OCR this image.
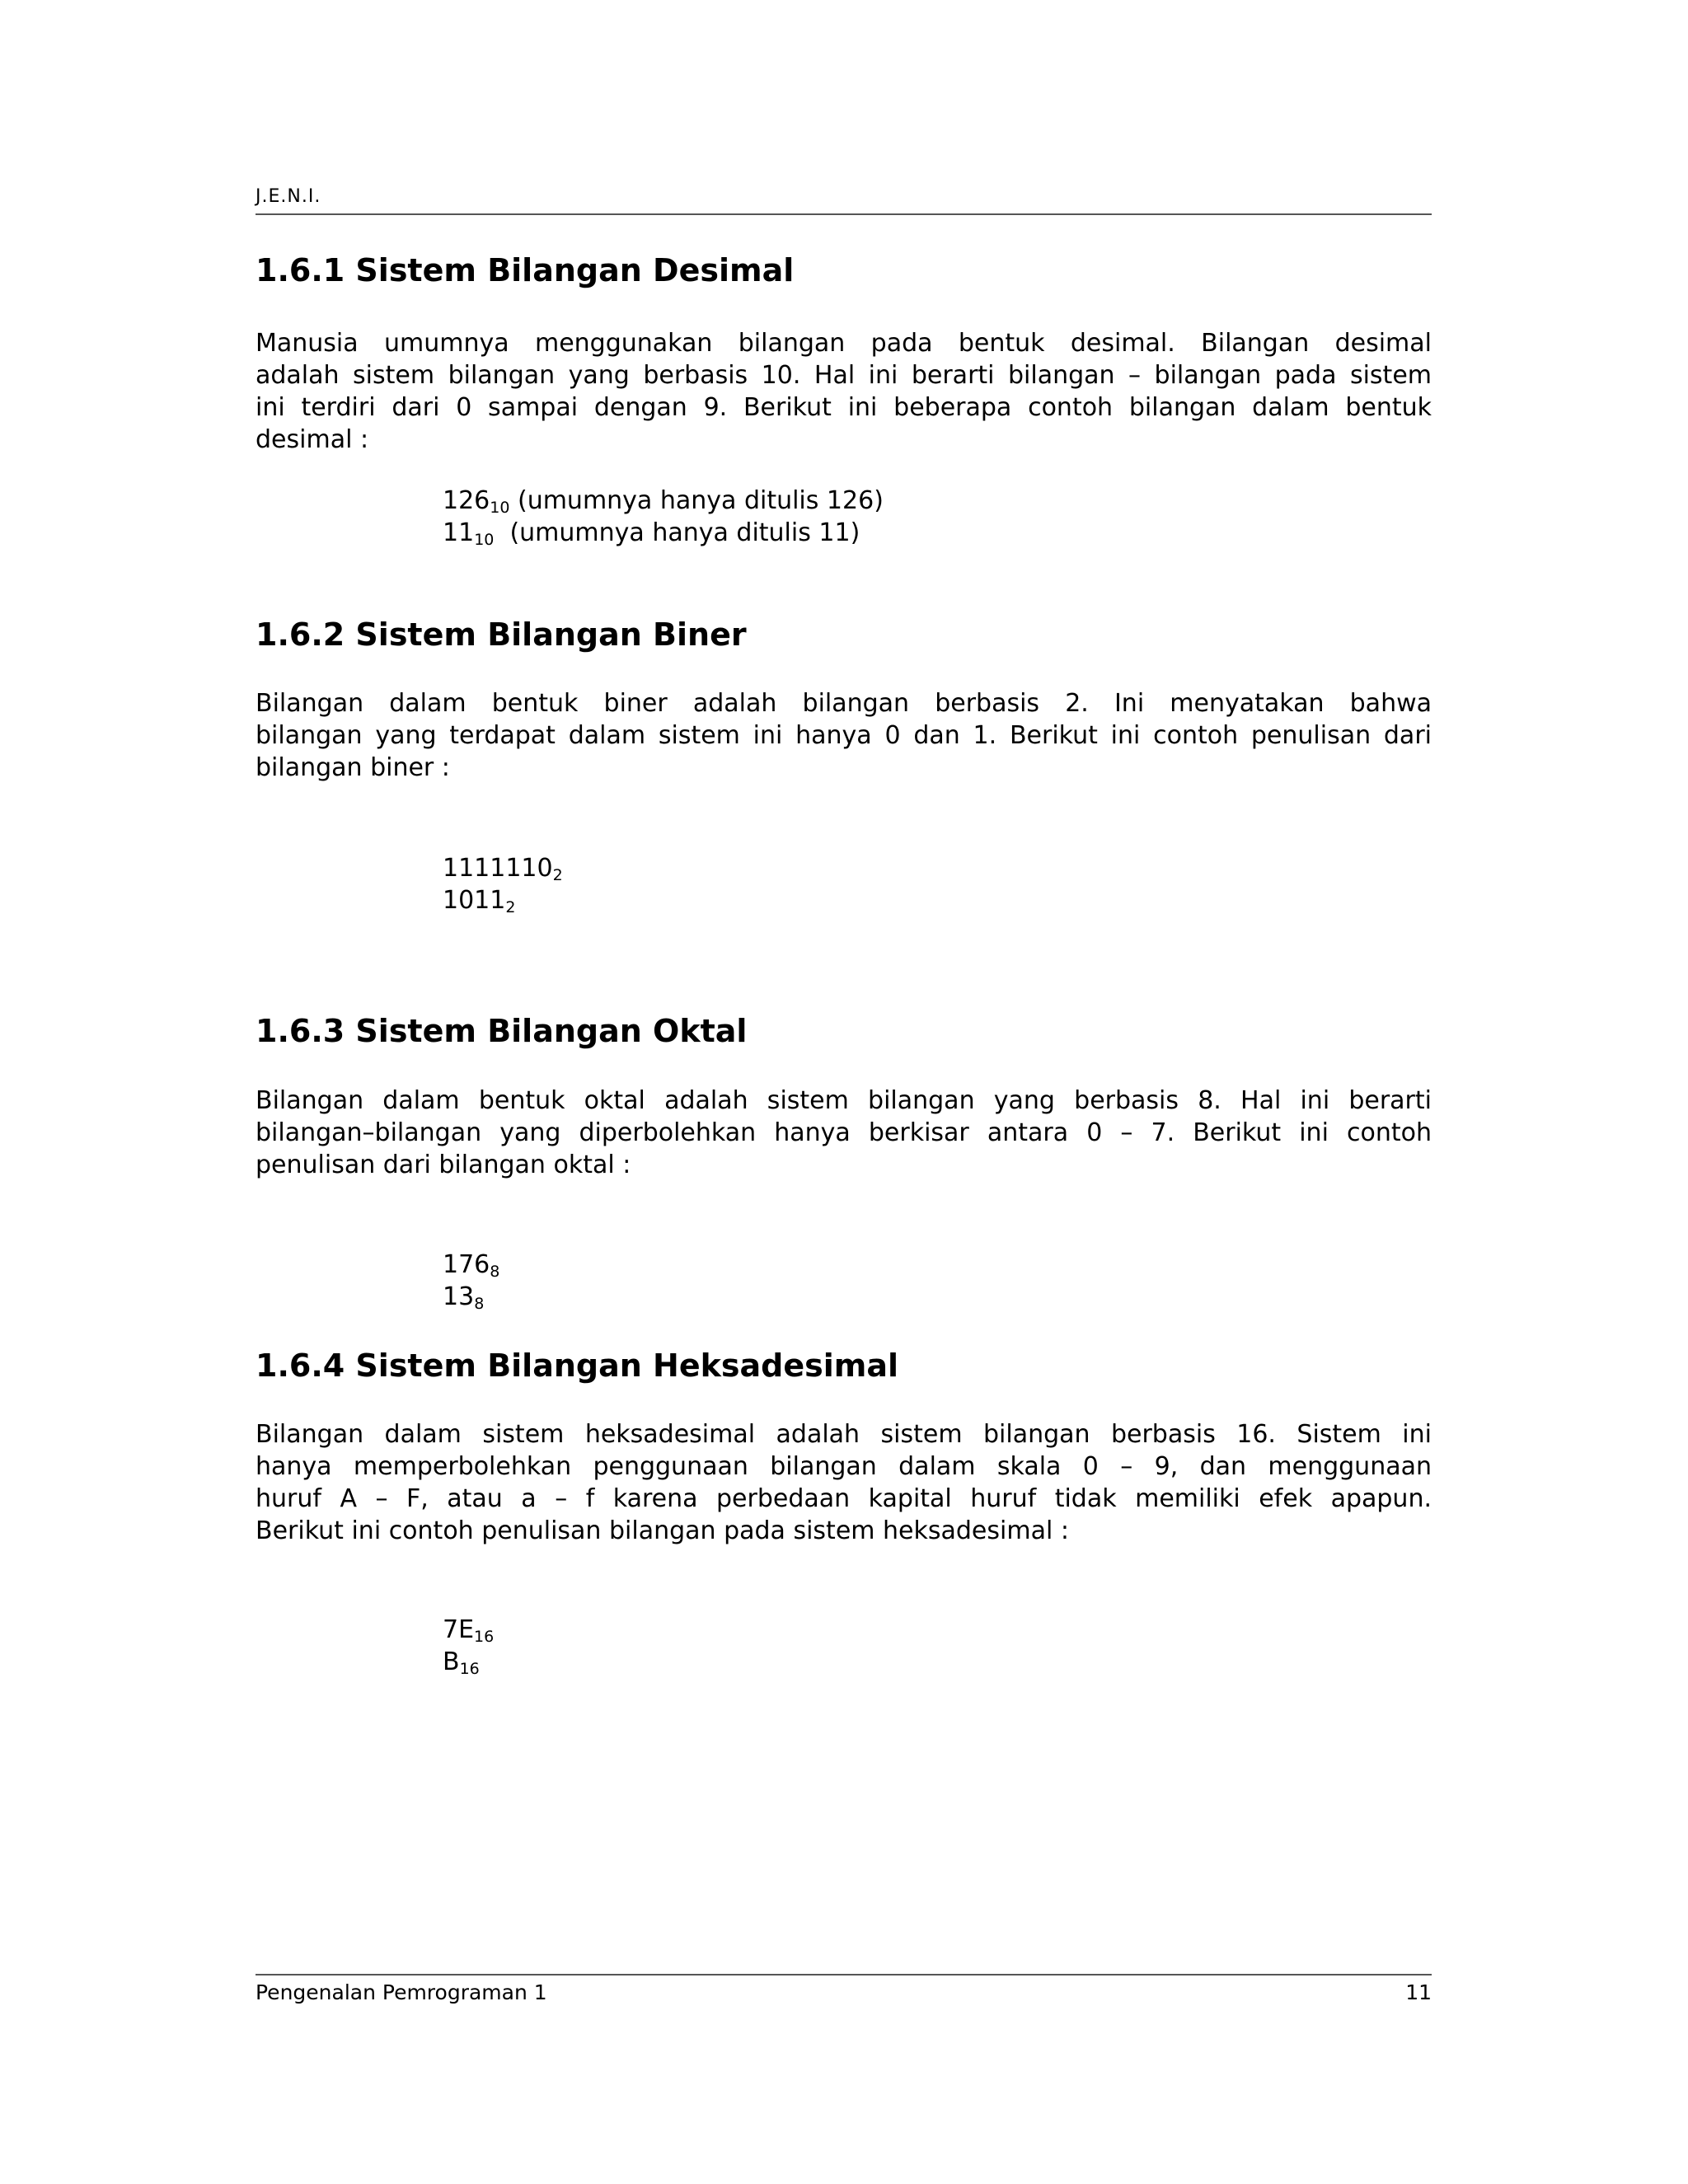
J.E.N.I.
1.6.1 Sistem Bilangan Desimal
Manusia umumnya menggunakan bilangan pada bentuk desimal. Bilangan desimal
adalah sistem bilangan yang berbasis 10. Hal ini berarti bilangan – bilangan pada sistem
ini terdiri dari 0 sampai dengan 9. Berikut ini beberapa contoh bilangan dalam bentuk
desimal :
$126_{10}$ (umumnya hanya ditulis 126)
$11_{10}$  (umumnya hanya ditulis 11)
1.6.2 Sistem Bilangan Biner
Bilangan dalam bentuk biner adalah bilangan berbasis 2. Ini menyatakan bahwa
bilangan yang terdapat dalam sistem ini hanya 0 dan 1. Berikut ini contoh penulisan dari
bilangan biner :
$1111110_2$
$1011_2$
1.6.3 Sistem Bilangan Oktal
Bilangan dalam bentuk oktal adalah sistem bilangan yang berbasis 8. Hal ini berarti
bilangan–bilangan yang diperbolehkan hanya berkisar antara 0 – 7. Berikut ini contoh
penulisan dari bilangan oktal :
$176_8$
$13_8$
1.6.4 Sistem Bilangan Heksadesimal
Bilangan dalam sistem heksadesimal adalah sistem bilangan berbasis 16. Sistem ini
hanya memperbolehkan penggunaan bilangan dalam skala 0 – 9, dan menggunaan
huruf A – F, atau a – f karena perbedaan kapital huruf tidak memiliki efek apapun.
Berikut ini contoh penulisan bilangan pada sistem heksadesimal :
$7E_{16}$
$B_{16}$
Pengenalan Pemrograman 1	11
